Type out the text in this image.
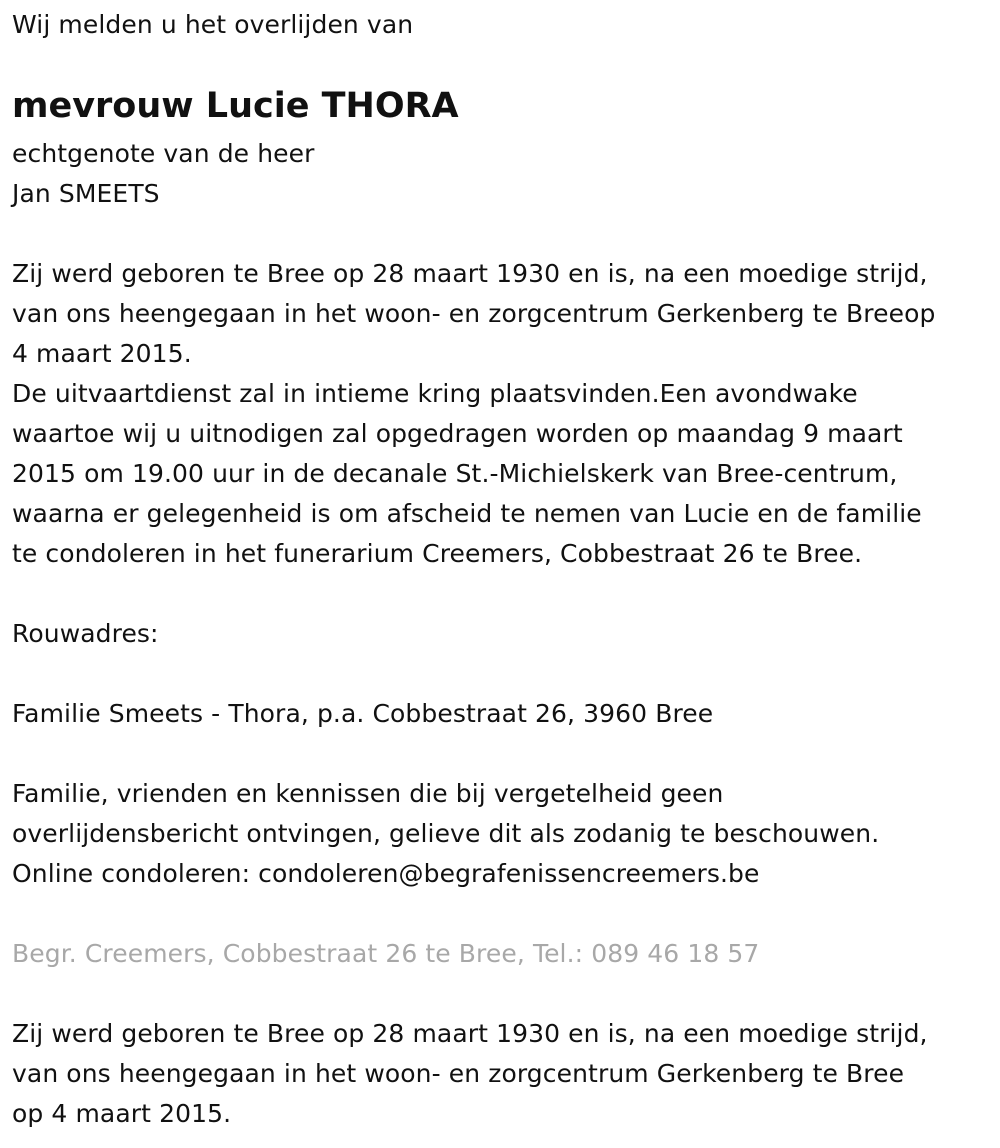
Wij melden u het overlijden van
mevrouw Lucie THORA
echtgenote van de heer
Jan SMEETS
Zij werd geboren te Bree op 28 maart 1930 en is, na een moedige strijd,
van ons heengegaan in het woon- en zorgcentrum Gerkenberg te Breeop
4 maart 2015.
De uitvaartdienst zal in intieme kring plaatsvinden.Een avondwake
waartoe wij u uitnodigen zal opgedragen worden op maandag 9 maart
2015 om 19.00 uur in de decanale St.-Michielskerk van Bree-centrum,
waarna er gelegenheid is om afscheid te nemen van Lucie en de familie
te condoleren in het funerarium Creemers, Cobbestraat 26 te Bree.
Rouwadres:
Familie Smeets - Thora, p.a. Cobbestraat 26, 3960 Bree
Familie, vrienden en kennissen die bij vergetelheid geen
overlijdensbericht ontvingen, gelieve dit als zodanig te beschouwen.
Online condoleren: condoleren@begrafenissencreemers.be
Begr. Creemers, Cobbestraat 26 te Bree, Tel.: 089 46 18 57
Zij werd geboren te Bree op 28 maart 1930 en is, na een moedige strijd,
van ons heengegaan in het woon- en zorgcentrum Gerkenberg te Bree
op 4 maart 2015.
